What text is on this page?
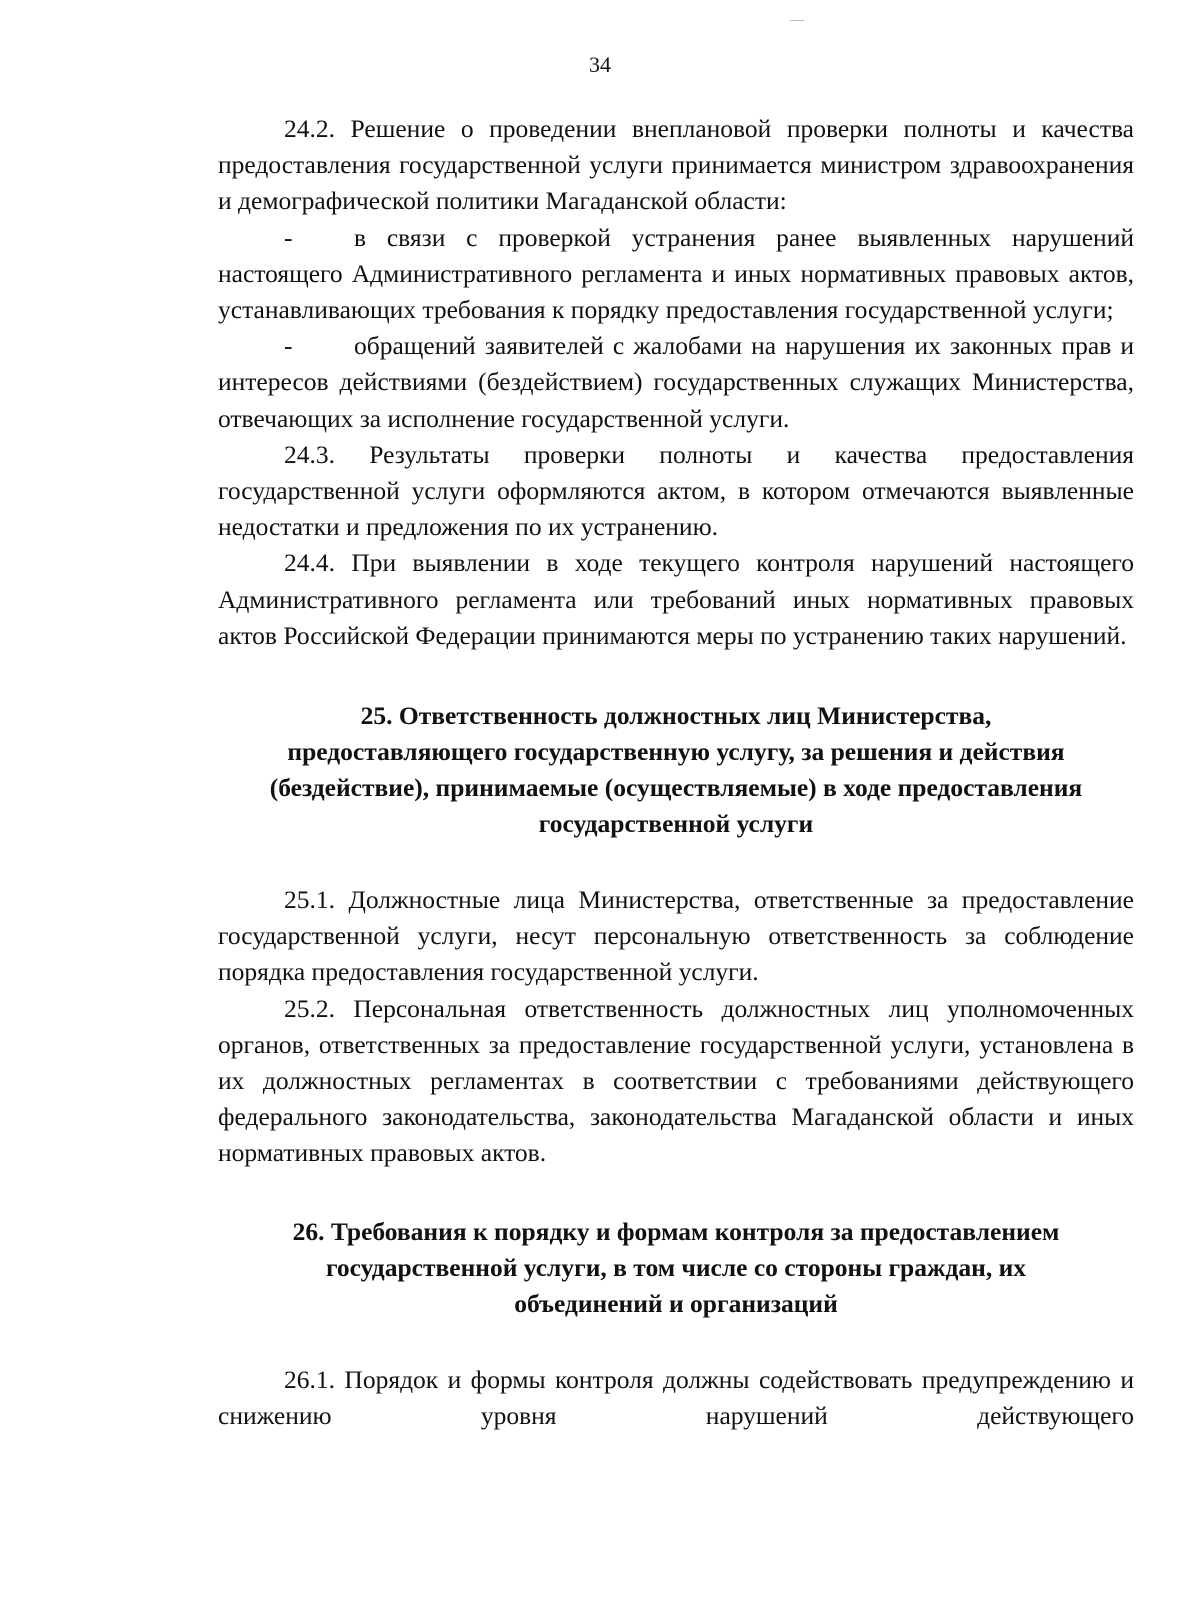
34

24.2. Решение о проведении внеплановой проверки полноты и качества предоставления государственной услуги принимается министром здравоохранения и демографической политики Магаданской области:

- в связи с проверкой устранения ранее выявленных нарушений настоящего Административного регламента и иных нормативных правовых актов, устанавливающих требования к порядку предоставления государственной услуги;

- обращений заявителей с жалобами на нарушения их законных прав и интересов действиями (бездействием) государственных служащих Министерства, отвечающих за исполнение государственной услуги.

24.3. Результаты проверки полноты и качества предоставления государственной услуги оформляются актом, в котором отмечаются выявленные недостатки и предложения по их устранению.

24.4. При выявлении в ходе текущего контроля нарушений настоящего Административного регламента или требований иных нормативных правовых актов Российской Федерации принимаются меры по устранению таких нарушений.

25. Ответственность должностных лиц Министерства,
предоставляющего государственную услугу, за решения и действия
(бездействие), принимаемые (осуществляемые) в ходе предоставления
государственной услуги

25.1. Должностные лица Министерства, ответственные за предоставление государственной услуги, несут персональную ответственность за соблюдение порядка предоставления государственной услуги.

25.2. Персональная ответственность должностных лиц уполномоченных органов, ответственных за предоставление государственной услуги, установлена в их должностных регламентах в соответствии с требованиями действующего федерального законодательства, законодательства Магаданской области и иных нормативных правовых актов.

26. Требования к порядку и формам контроля за предоставлением
государственной услуги, в том числе со стороны граждан, их
объединений и организаций

26.1. Порядок и формы контроля должны содействовать предупреждению и снижению уровня нарушений действующего
